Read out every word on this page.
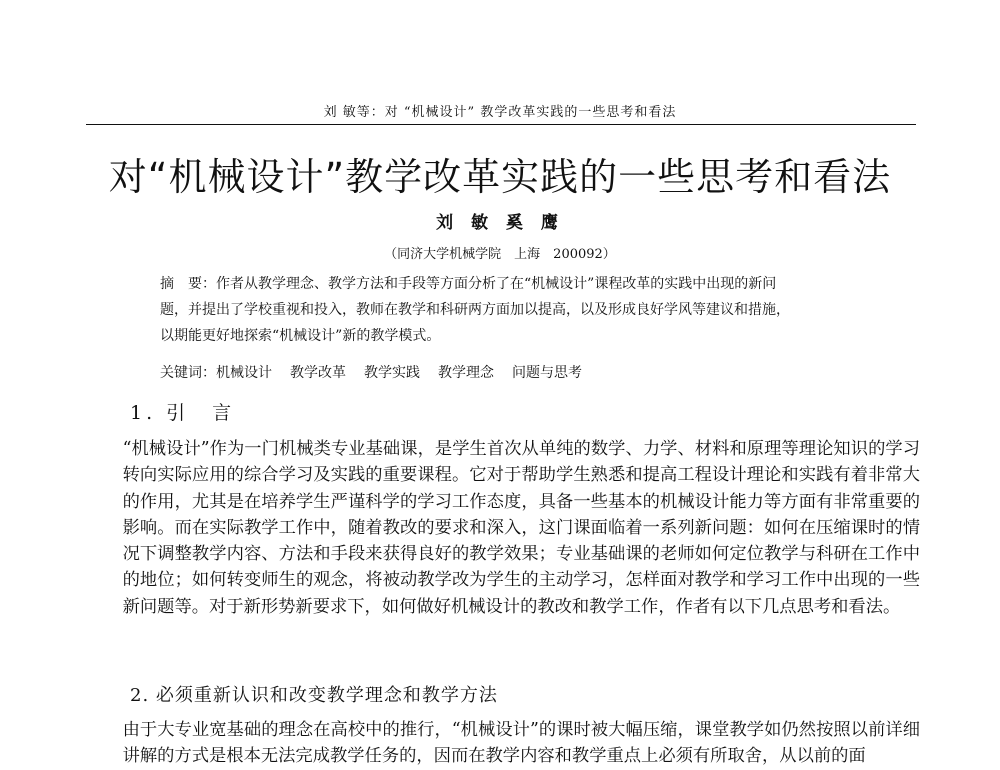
刘 敏等：对 “机械设计” 教学改革实践的一些思考和看法
对“机械设计”教学改革实践的一些思考和看法
刘 敏 奚 鹰
（同济大学机械学院　上海　200092）
摘　要：作者从教学理念、教学方法和手段等方面分析了在“机械设计”课程改革的实践中出现的新问
题，并提出了学校重视和投入，教师在教学和科研两方面加以提高，以及形成良好学风等建议和措施，
以期能更好地探索“机械设计”新的教学模式。
关键词：机械设计 教学改革 教学实践 教学理念 问题与思考
1. 引　言
“机械设计”作为一门机械类专业基础课，是学生首次从单纯的数学、力学、材料和原理等理论知识的学习转向实际应用的综合学习及实践的重要课程。它对于帮助学生熟悉和提高工程设计理论和实践有着非常大的作用，尤其是在培养学生严谨科学的学习工作态度，具备一些基本的机械设计能力等方面有非常重要的影响。而在实际教学工作中，随着教改的要求和深入，这门课面临着一系列新问题：如何在压缩课时的情况下调整教学内容、方法和手段来获得良好的教学效果；专业基础课的老师如何定位教学与科研在工作中的地位；如何转变师生的观念，将被动教学改为学生的主动学习，怎样面对教学和学习工作中出现的一些新问题等。对于新形势新要求下，如何做好机械设计的教改和教学工作，作者有以下几点思考和看法。
2. 必须重新认识和改变教学理念和教学方法
由于大专业宽基础的理念在高校中的推行，“机械设计”的课时被大幅压缩，课堂教学如仍然按照以前详细讲解的方式是根本无法完成教学任务的，因而在教学内容和教学重点上必须有所取舍，从以前的面
